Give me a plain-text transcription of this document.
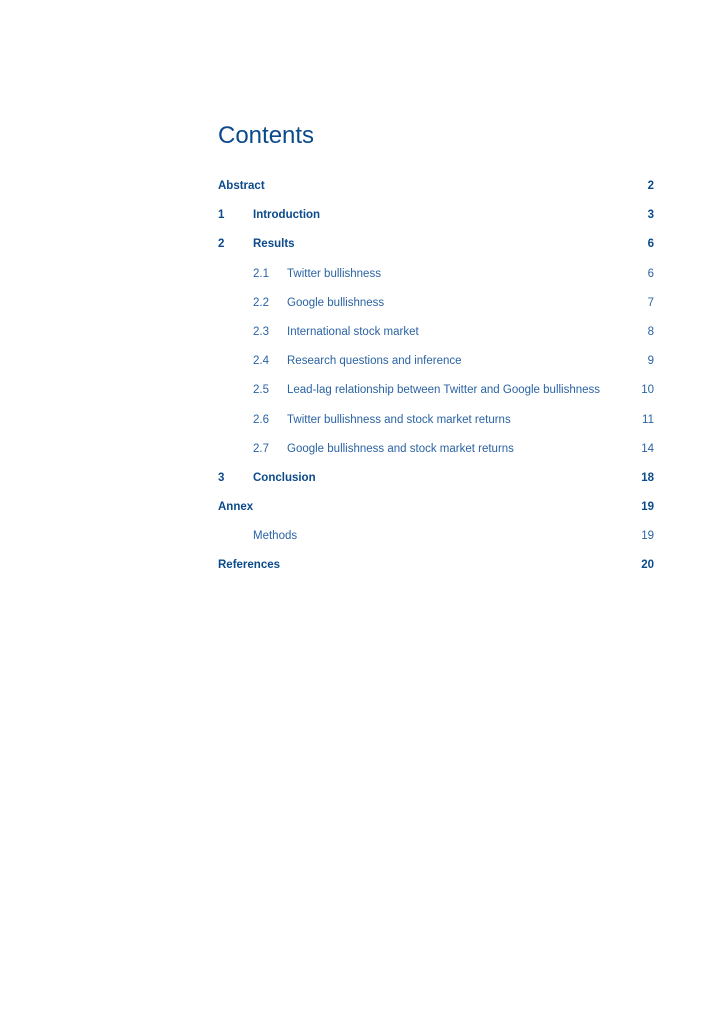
Contents
Abstract	2
1 Introduction	3
2 Results	6
2.1 Twitter bullishness	6
2.2 Google bullishness	7
2.3 International stock market	8
2.4 Research questions and inference	9
2.5 Lead-lag relationship between Twitter and Google bullishness	10
2.6 Twitter bullishness and stock market returns	11
2.7 Google bullishness and stock market returns	14
3 Conclusion	18
Annex	19
Methods	19
References	20
